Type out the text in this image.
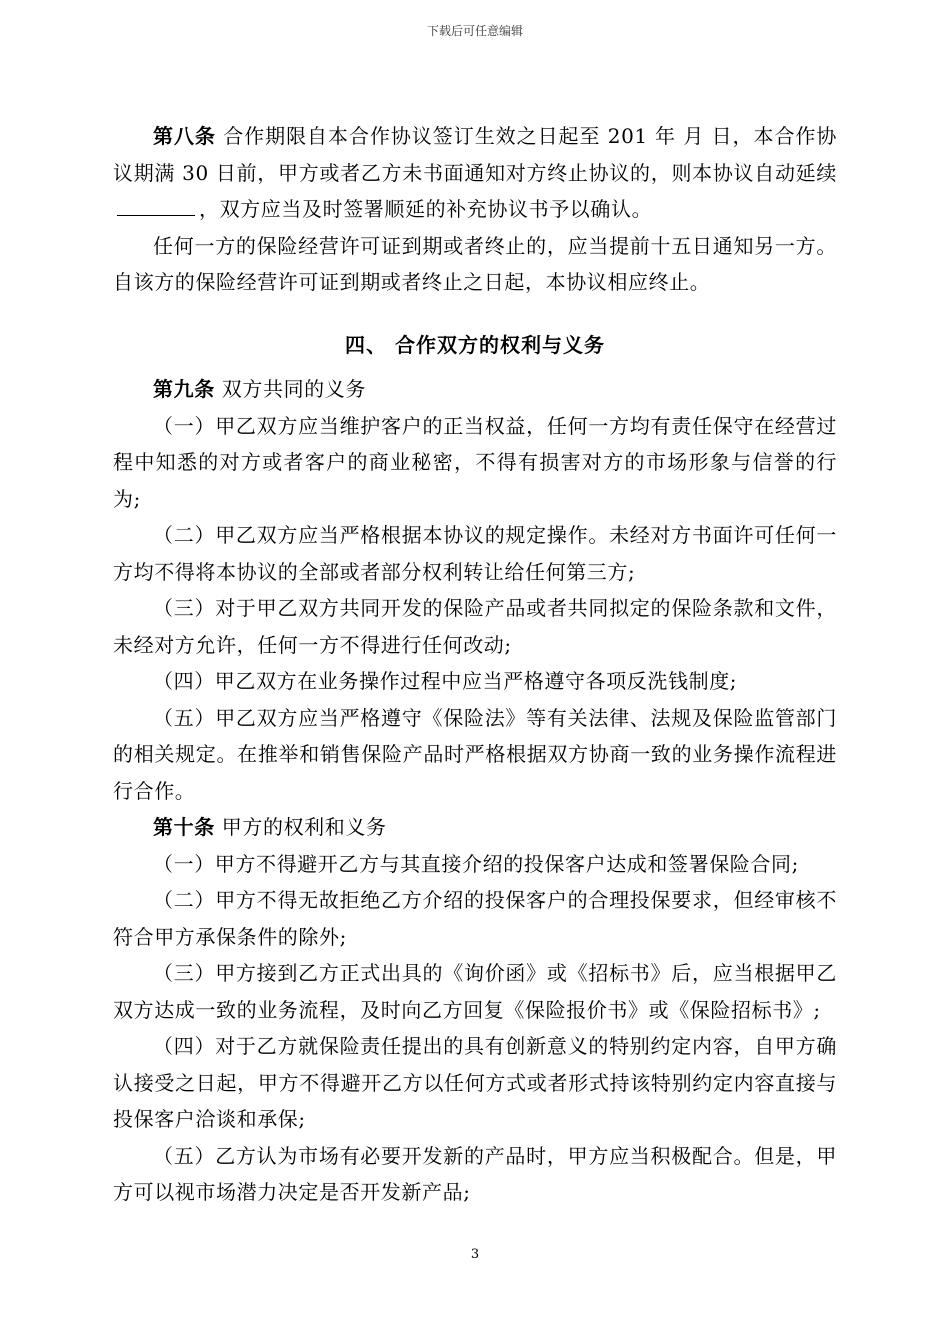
下载后可任意编辑

第八条 合作期限自本合作协议签订生效之日起至 201 年 月 日，本合作协议期满 30 日前，甲方或者乙方未书面通知对方终止协议的，则本协议自动延续 ，双方应当及时签署顺延的补充协议书予以确认。

任何一方的保险经营许可证到期或者终止的，应当提前十五日通知另一方。自该方的保险经营许可证到期或者终止之日起，本协议相应终止。

四、 合作双方的权利与义务

第九条 双方共同的义务

（一）甲乙双方应当维护客户的正当权益，任何一方均有责任保守在经营过程中知悉的对方或者客户的商业秘密，不得有损害对方的市场形象与信誉的行为;

（二）甲乙双方应当严格根据本协议的规定操作。未经对方书面许可任何一方均不得将本协议的全部或者部分权利转让给任何第三方;

（三）对于甲乙双方共同开发的保险产品或者共同拟定的保险条款和文件，未经对方允许，任何一方不得进行任何改动;

（四）甲乙双方在业务操作过程中应当严格遵守各项反洗钱制度;

（五）甲乙双方应当严格遵守《保险法》等有关法律、法规及保险监管部门的相关规定。在推举和销售保险产品时严格根据双方协商一致的业务操作流程进行合作。

第十条 甲方的权利和义务

（一）甲方不得避开乙方与其直接介绍的投保客户达成和签署保险合同;

（二）甲方不得无故拒绝乙方介绍的投保客户的合理投保要求，但经审核不符合甲方承保条件的除外;

（三）甲方接到乙方正式出具的《询价函》或《招标书》后，应当根据甲乙双方达成一致的业务流程，及时向乙方回复《保险报价书》或《保险招标书》;

（四）对于乙方就保险责任提出的具有创新意义的特别约定内容，自甲方确认接受之日起，甲方不得避开乙方以任何方式或者形式持该特别约定内容直接与投保客户洽谈和承保;

（五）乙方认为市场有必要开发新的产品时，甲方应当积极配合。但是，甲方可以视市场潜力决定是否开发新产品;

3
